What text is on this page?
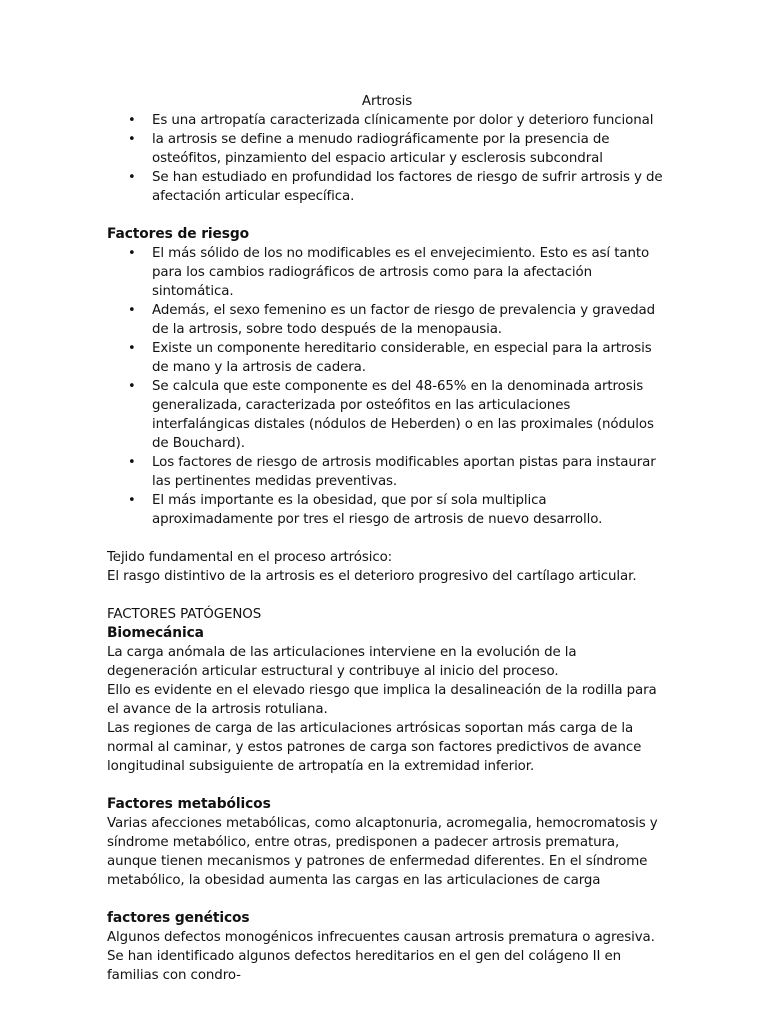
Artrosis

• Es una artropatía caracterizada clínicamente por dolor y deterioro funcional
• la artrosis se define a menudo radiográficamente por la presencia de osteófitos, pinzamiento del espacio articular y esclerosis subcondral
• Se han estudiado en profundidad los factores de riesgo de sufrir artrosis y de afectación articular específica.

Factores de riesgo

• El más sólido de los no modificables es el envejecimiento. Esto es así tanto para los cambios radiográficos de artrosis como para la afectación sintomática.
• Además, el sexo femenino es un factor de riesgo de prevalencia y gravedad de la artrosis, sobre todo después de la menopausia.
• Existe un componente hereditario considerable, en especial para la artrosis de mano y la artrosis de cadera.
• Se calcula que este componente es del 48-65% en la denominada artrosis generalizada, caracterizada por osteófitos en las articulaciones interfalángicas distales (nódulos de Heberden) o en las proximales (nódulos de Bouchard).
• Los factores de riesgo de artrosis modificables aportan pistas para instaurar las pertinentes medidas preventivas.
• El más importante es la obesidad, que por sí sola multiplica aproximadamente por tres el riesgo de artrosis de nuevo desarrollo.

Tejido fundamental en el proceso artrósico:

El rasgo distintivo de la artrosis es el deterioro progresivo del cartílago articular.

FACTORES PATÓGENOS

Biomecánica

La carga anómala de las articulaciones interviene en la evolución de la degeneración articular estructural y contribuye al inicio del proceso.

Ello es evidente en el elevado riesgo que implica la desalineación de la rodilla para el avance de la artrosis rotuliana.

Las regiones de carga de las articulaciones artrósicas soportan más carga de la normal al caminar, y estos patrones de carga son factores predictivos de avance longitudinal subsiguiente de artropatía en la extremidad inferior.

Factores metabólicos

Varias afecciones metabólicas, como alcaptonuria, acromegalia, hemocromatosis y síndrome metabólico, entre otras, predisponen a padecer artrosis prematura, aunque tienen mecanismos y patrones de enfermedad diferentes. En el síndrome metabólico, la obesidad aumenta las cargas en las articulaciones de carga

factores genéticos

Algunos defectos monogénicos infrecuentes causan artrosis prematura o agresiva. Se han identificado algunos defectos hereditarios en el gen del colágeno II en familias con condro-
